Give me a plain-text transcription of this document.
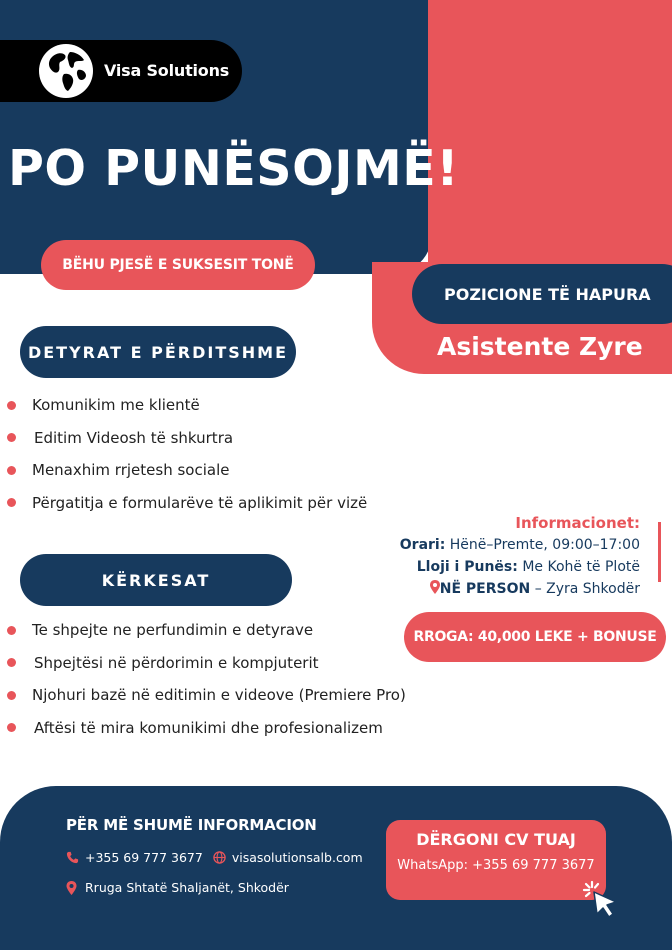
Visa Solutions
PO PUNËSOJMË!
BËHU PJESË E SUKSESIT TONË
POZICIONE TË HAPURA
Asistente Zyre
DETYRAT E PËRDITSHME
Komunikim me klientë
Editim Videosh të shkurtra
Menaxhim rrjetesh sociale
Përgatitja e formularëve të aplikimit për vizë
Informacionet:
Orari: Hënë–Premte, 09:00–17:00
Lloji i Punës: Me Kohë të Plotë
NË PERSON – Zyra Shkodër
KËRKESAT
Te shpejte ne perfundimin e detyrave
Shpejtësi në përdorimin e kompjuterit
Njohuri bazë në editimin e videove (Premiere Pro)
Aftësi të mira komunikimi dhe profesionalizem
RROGA: 40,000 LEKE + BONUSE
PËR MË SHUMË INFORMACION
+355 69 777 3677 visasolutionsalb.com
Rruga Shtatë Shaljanët, Shkodër
DËRGONI CV TUAJ
WhatsApp: +355 69 777 3677
